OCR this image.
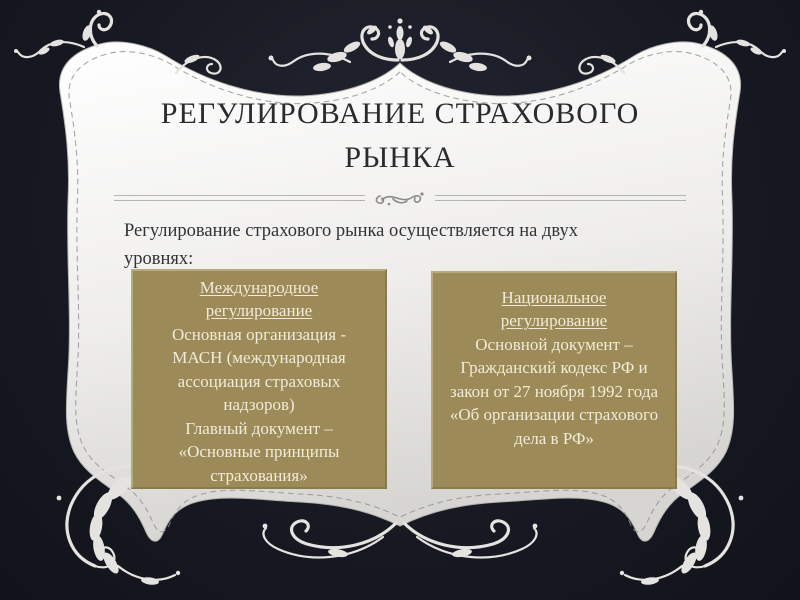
РЕГУЛИРОВАНИЕ СТРАХОВОГО РЫНКА
Регулирование страхового рынка осуществляется на двух уровнях:
Международное регулирование
Основная организация - МАСН (международная ассоциация страховых надзоров)
Главный документ – «Основные принципы страхования»
Национальное регулирование
Основной документ – Гражданский кодекс РФ и закон от 27 ноября 1992 года «Об организации страхового дела в РФ»
